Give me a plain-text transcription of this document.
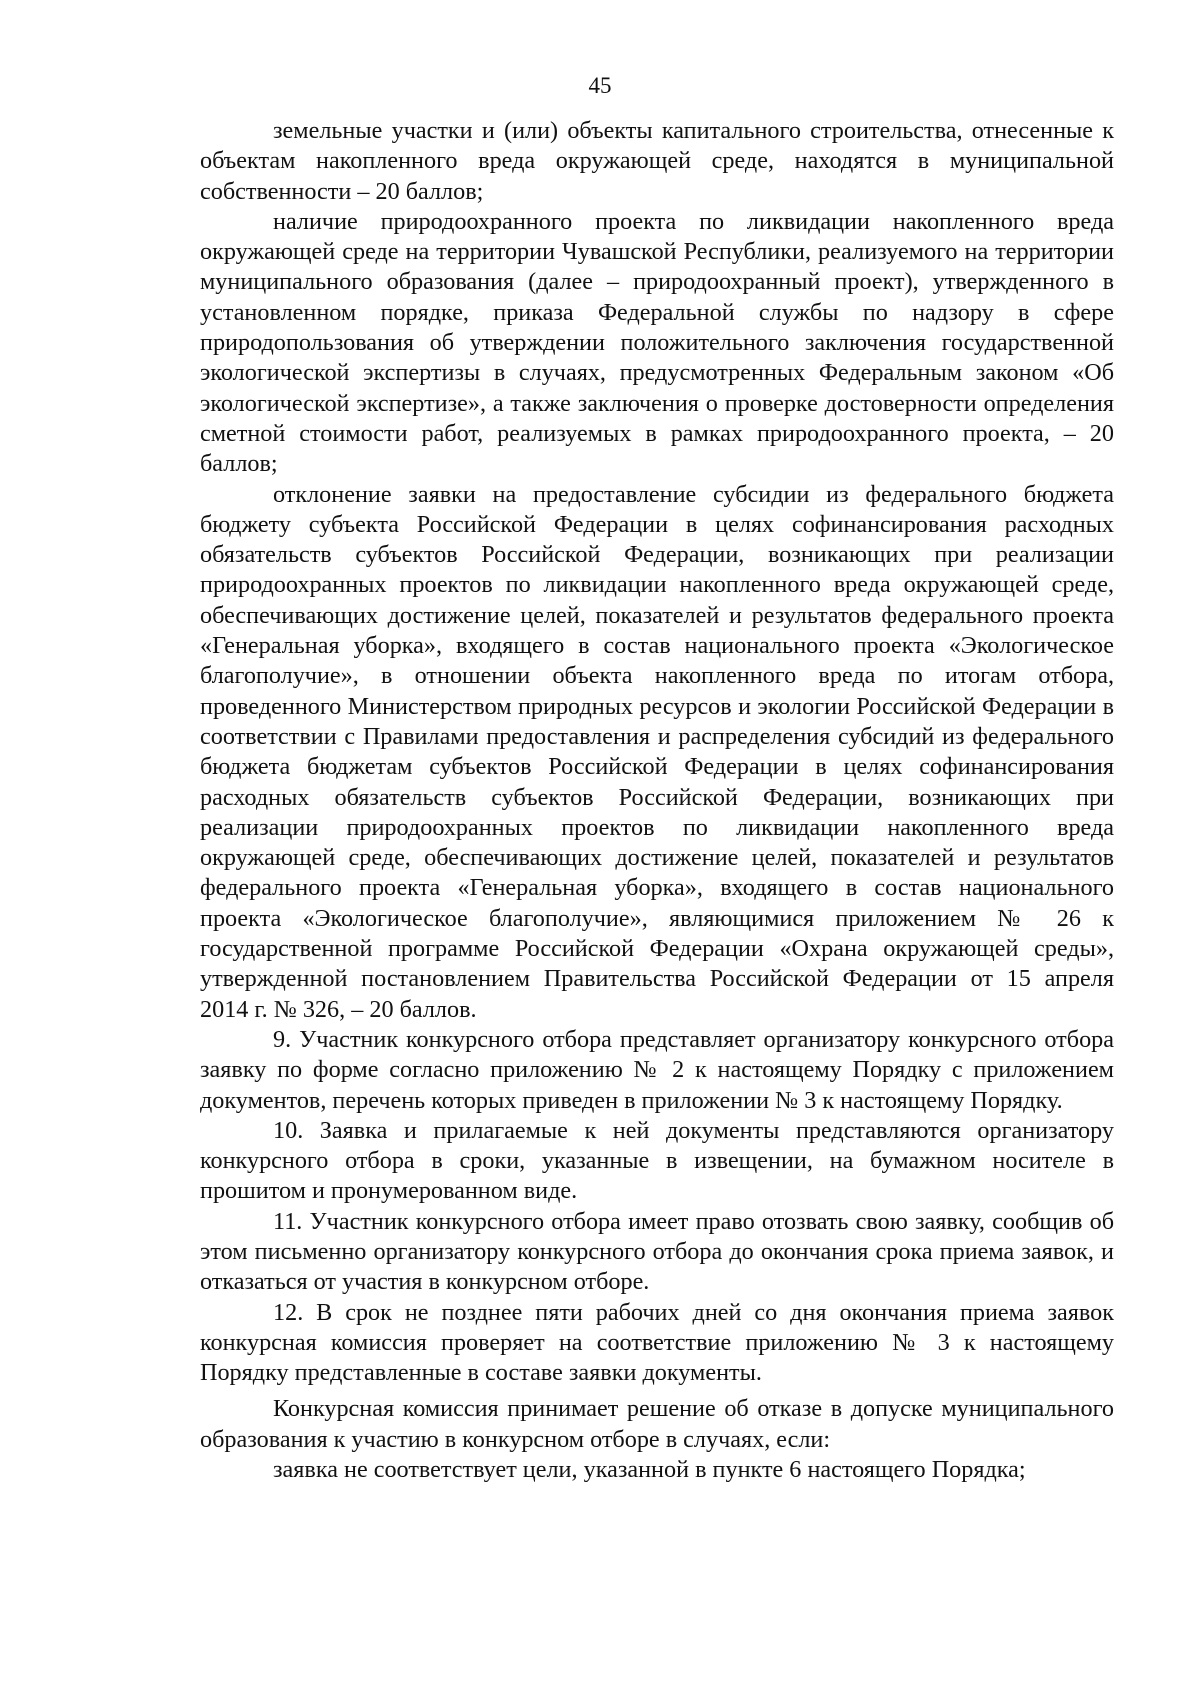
45

земельные участки и (или) объекты капитального строительства, отнесенные к объектам накопленного вреда окружающей среде, находятся в муниципальной собственности – 20 баллов;

наличие природоохранного проекта по ликвидации накопленного вреда окружающей среде на территории Чувашской Республики, реализуемого на территории муниципального образования (далее – природоохранный проект), утвержденного в установленном порядке, приказа Федеральной службы по надзору в сфере природопользования об утверждении положительного заключения государственной экологической экспертизы в случаях, предусмотренных Федеральным законом «Об экологической экспертизе», а также заключения о проверке достоверности определения сметной стоимости работ, реализуемых в рамках природоохранного проекта, – 20 баллов;

отклонение заявки на предоставление субсидии из федерального бюджета бюджету субъекта Российской Федерации в целях софинансирования расходных обязательств субъектов Российской Федерации, возникающих при реализации природоохранных проектов по ликвидации накопленного вреда окружающей среде, обеспечивающих достижение целей, показателей и результатов федерального проекта «Генеральная уборка», входящего в состав национального проекта «Экологическое благополучие», в отношении объекта накопленного вреда по итогам отбора, проведенного Министерством природных ресурсов и экологии Российской Федерации в соответствии с Правилами предоставления и распределения субсидий из федерального бюджета бюджетам субъектов Российской Федерации в целях софинансирования расходных обязательств субъектов Российской Федерации, возникающих при реализации природоохранных проектов по ликвидации накопленного вреда окружающей среде, обеспечивающих достижение целей, показателей и результатов федерального проекта «Генеральная уборка», входящего в состав национального проекта «Экологическое благополучие», являющимися приложением № 26 к государственной программе Российской Федерации «Охрана окружающей среды», утвержденной постановлением Правительства Российской Федерации от 15 апреля 2014 г. № 326, – 20 баллов.

9. Участник конкурсного отбора представляет организатору конкурсного отбора заявку по форме согласно приложению № 2 к настоящему Порядку с приложением документов, перечень которых приведен в приложении № 3 к настоящему Порядку.

10. Заявка и прилагаемые к ней документы представляются организатору конкурсного отбора в сроки, указанные в извещении, на бумажном носителе в прошитом и пронумерованном виде.

11. Участник конкурсного отбора имеет право отозвать свою заявку, сообщив об этом письменно организатору конкурсного отбора до окончания срока приема заявок, и отказаться от участия в конкурсном отборе.

12. В срок не позднее пяти рабочих дней со дня окончания приема заявок конкурсная комиссия проверяет на соответствие приложению № 3 к настоящему Порядку представленные в составе заявки документы.

Конкурсная комиссия принимает решение об отказе в допуске муниципального образования к участию в конкурсном отборе в случаях, если:

заявка не соответствует цели, указанной в пункте 6 настоящего Порядка;
